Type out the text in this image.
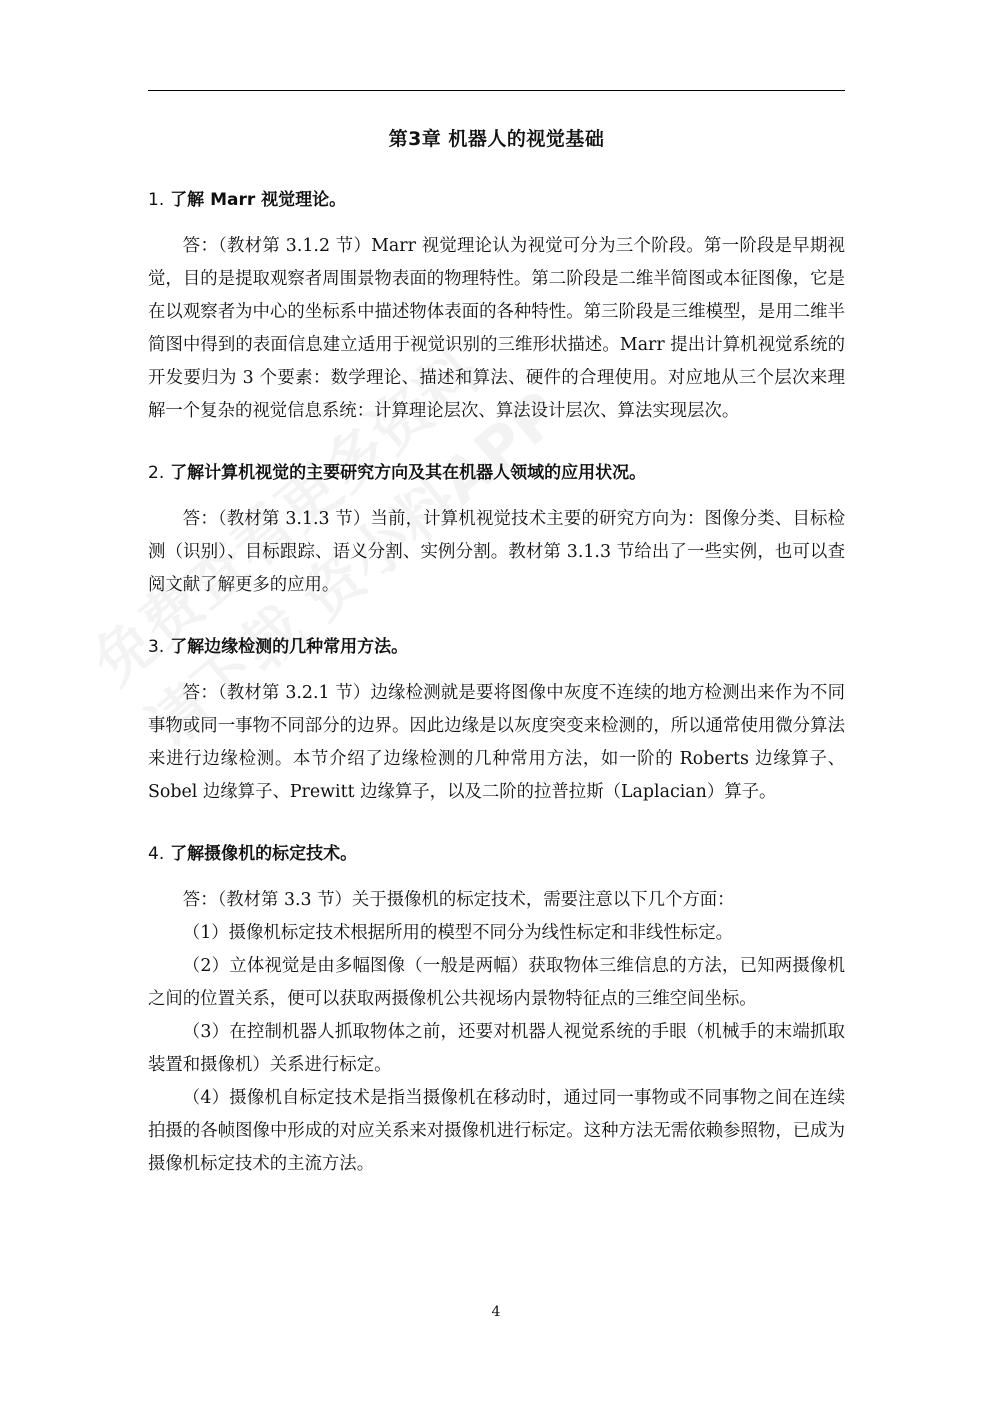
第3章 机器人的视觉基础
1. 了解 Marr 视觉理论。

答：（教材第 3.1.2 节）Marr 视觉理论认为视觉可分为三个阶段。第一阶段是早期视觉，目的是提取观察者周围景物表面的物理特性。第二阶段是二维半简图或本征图像，它是在以观察者为中心的坐标系中描述物体表面的各种特性。第三阶段是三维模型，是用二维半简图中得到的表面信息建立适用于视觉识别的三维形状描述。Marr 提出计算机视觉系统的开发要归为 3 个要素：数学理论、描述和算法、硬件的合理使用。对应地从三个层次来理解一个复杂的视觉信息系统：计算理论层次、算法设计层次、算法实现层次。

2. 了解计算机视觉的主要研究方向及其在机器人领域的应用状况。

答：（教材第 3.1.3 节）当前，计算机视觉技术主要的研究方向为：图像分类、目标检测（识别）、目标跟踪、语义分割、实例分割。教材第 3.1.3 节给出了一些实例，也可以查阅文献了解更多的应用。

3. 了解边缘检测的几种常用方法。

答：（教材第 3.2.1 节）边缘检测就是要将图像中灰度不连续的地方检测出来作为不同事物或同一事物不同部分的边界。因此边缘是以灰度突变来检测的，所以通常使用微分算法来进行边缘检测。本节介绍了边缘检测的几种常用方法，如一阶的 Roberts 边缘算子、Sobel 边缘算子、Prewitt 边缘算子，以及二阶的拉普拉斯（Laplacian）算子。

4. 了解摄像机的标定技术。

答：（教材第 3.3 节）关于摄像机的标定技术，需要注意以下几个方面：

（1）摄像机标定技术根据所用的模型不同分为线性标定和非线性标定。

（2）立体视觉是由多幅图像（一般是两幅）获取物体三维信息的方法，已知两摄像机之间的位置关系，便可以获取两摄像机公共视场内景物特征点的三维空间坐标。

（3）在控制机器人抓取物体之前，还要对机器人视觉系统的手眼（机械手的末端抓取装置和摄像机）关系进行标定。

（4）摄像机自标定技术是指当摄像机在移动时，通过同一事物或不同事物之间在连续拍摄的各帧图像中形成的对应关系来对摄像机进行标定。这种方法无需依赖参照物，已成为摄像机标定技术的主流方法。

4
